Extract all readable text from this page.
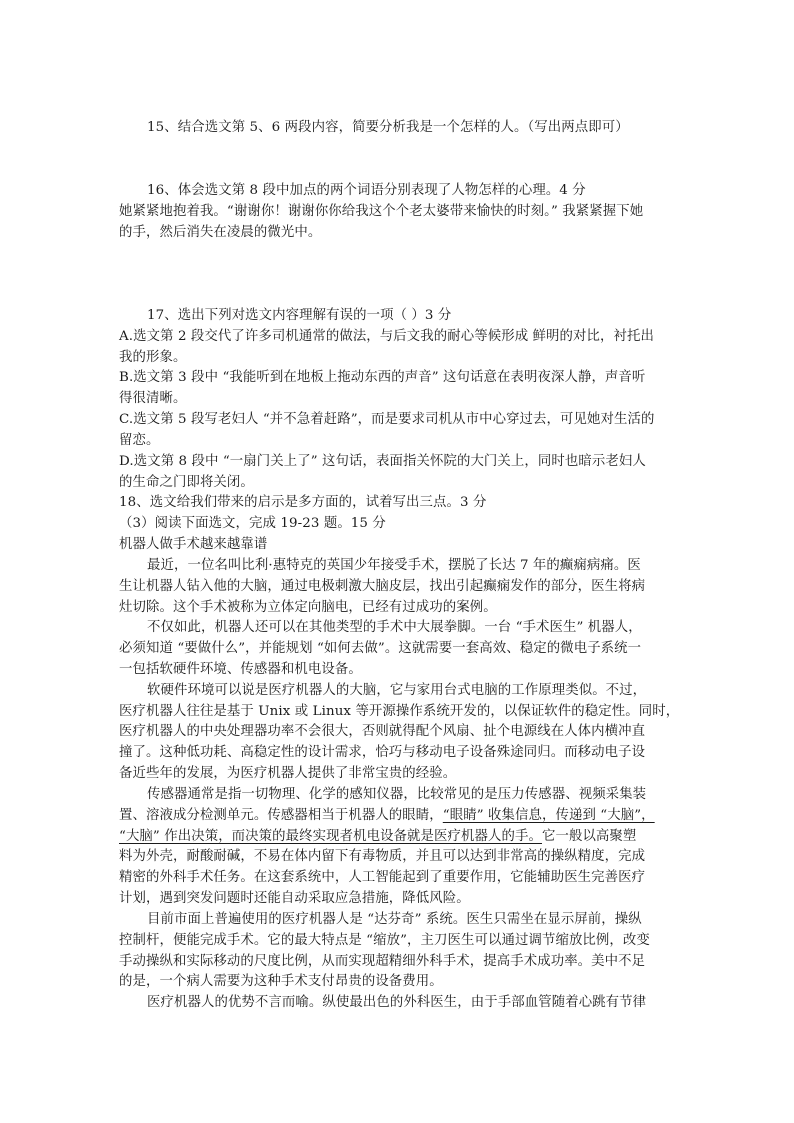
15、结合选文第 5、6 两段内容，简要分析我是一个怎样的人。（写出两点即可）
16、体会选文第 8 段中加点的两个词语分别表现了人物怎样的心理。4 分
她紧紧地抱着我。“谢谢你！谢谢你你给我这个个老太婆带来愉快的时刻。” 我紧紧握下她
的手，然后消失在凌晨的微光中。
17、选出下列对选文内容理解有误的一项（ ）3 分
A.选文第 2 段交代了许多司机通常的做法，与后文我的耐心等候形成 鲜明的对比，衬托出
我的形象。
B.选文第 3 段中 “我能听到在地板上拖动东西的声音” 这句话意在表明夜深人静，声音听
得很清晰。
C.选文第 5 段写老妇人 “并不急着赶路”，而是要求司机从市中心穿过去，可见她对生活的
留恋。
D.选文第 8 段中 “一扇门关上了” 这句话，表面指关怀院的大门关上，同时也暗示老妇人
的生命之门即将关闭。
18、选文给我们带来的启示是多方面的，试着写出三点。3 分
（3）阅读下面选文，完成 19-23 题。15 分
机器人做手术越来越靠谱
最近，一位名叫比利·惠特克的英国少年接受手术，摆脱了长达 7 年的癫痫病痛。医
生让机器人钻入他的大脑，通过电极刺激大脑皮层，找出引起癫痫发作的部分，医生将病
灶切除。这个手术被称为立体定向脑电，已经有过成功的案例。
不仅如此，机器人还可以在其他类型的手术中大展拳脚。一台 “手术医生” 机器人，
必须知道 “要做什么”，并能规划 “如何去做”。这就需要一套高效、稳定的微电子系统一
一包括软硬件环境、传感器和机电设备。
软硬件环境可以说是医疗机器人的大脑，它与家用台式电脑的工作原理类似。不过，
医疗机器人往往是基于 Unix 或 Linux 等开源操作系统开发的，以保证软件的稳定性。同时，
医疗机器人的中央处理器功率不会很大，否则就得配个风扇、扯个电源线在人体内横冲直
撞了。这种低功耗、高稳定性的设计需求，恰巧与移动电子设备殊途同归。而移动电子设
备近些年的发展，为医疗机器人提供了非常宝贵的经验。
传感器通常是指一切物理、化学的感知仪器，比较常见的是压力传感器、视频采集装
置、溶液成分检测单元。传感器相当于机器人的眼睛，“眼睛” 收集信息，传递到 “大脑”，
“大脑” 作出决策，而决策的最终实现者机电设备就是医疗机器人的手。它一般以高聚塑
料为外壳，耐酸耐碱，不易在体内留下有毒物质，并且可以达到非常高的操纵精度，完成
精密的外科手术任务。在这套系统中，人工智能起到了重要作用，它能辅助医生完善医疗
计划，遇到突发问题时还能自动采取应急措施，降低风险。
目前市面上普遍使用的医疗机器人是 “达芬奇” 系统。医生只需坐在显示屏前，操纵
控制杆，便能完成手术。它的最大特点是 “缩放”，主刀医生可以通过调节缩放比例，改变
手动操纵和实际移动的尺度比例，从而实现超精细外科手术，提高手术成功率。美中不足
的是，一个病人需要为这种手术支付昂贵的设备费用。
医疗机器人的优势不言而喻。纵使最出色的外科医生，由于手部血管随着心跳有节律
